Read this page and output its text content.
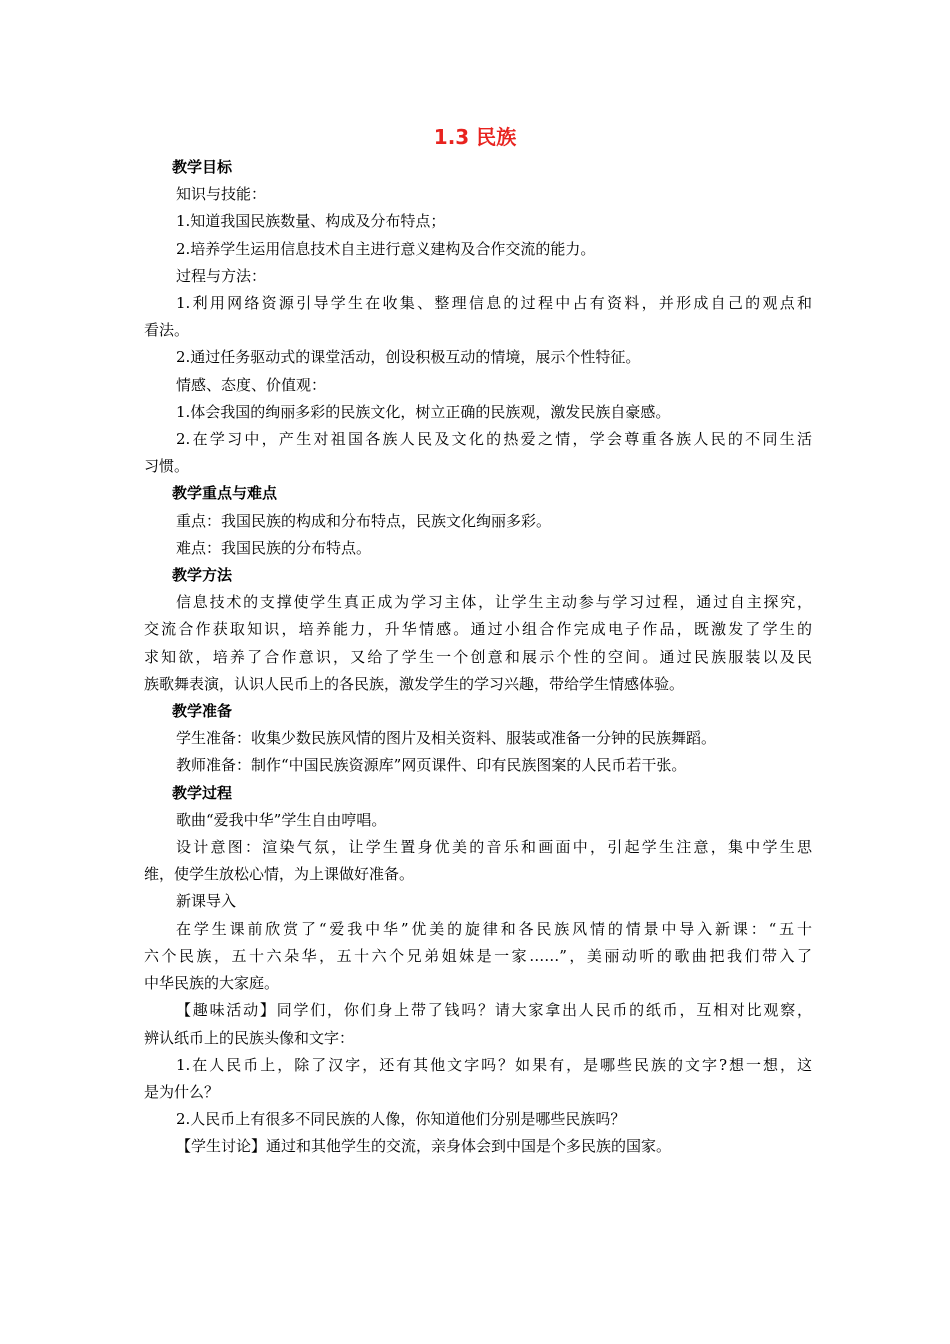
1.3 民族
教学目标
知识与技能：
1.知道我国民族数量、构成及分布特点；
2.培养学生运用信息技术自主进行意义建构及合作交流的能力。
过程与方法：
1.利用网络资源引导学生在收集、整理信息的过程中占有资料，并形成自己的观点和
看法。
2.通过任务驱动式的课堂活动，创设积极互动的情境，展示个性特征。
情感、态度、价值观：
1.体会我国的绚丽多彩的民族文化，树立正确的民族观，激发民族自豪感。
2.在学习中，产生对祖国各族人民及文化的热爱之情，学会尊重各族人民的不同生活
习惯。
教学重点与难点
重点：我国民族的构成和分布特点，民族文化绚丽多彩。
难点：我国民族的分布特点。
教学方法
信息技术的支撑使学生真正成为学习主体，让学生主动参与学习过程，通过自主探究，
交流合作获取知识，培养能力，升华情感。通过小组合作完成电子作品，既激发了学生的
求知欲，培养了合作意识，又给了学生一个创意和展示个性的空间。通过民族服装以及民
族歌舞表演，认识人民币上的各民族，激发学生的学习兴趣，带给学生情感体验。
教学准备
学生准备：收集少数民族风情的图片及相关资料、服装或准备一分钟的民族舞蹈。
教师准备：制作“中国民族资源库”网页课件、印有民族图案的人民币若干张。
教学过程
歌曲“爱我中华”学生自由哼唱。
设计意图：渲染气氛，让学生置身优美的音乐和画面中，引起学生注意，集中学生思
维，使学生放松心情，为上课做好准备。
新课导入
在学生课前欣赏了“爱我中华”优美的旋律和各民族风情的情景中导入新课：“五十
六个民族，五十六朵华，五十六个兄弟姐妹是一家……”，美丽动听的歌曲把我们带入了
中华民族的大家庭。
【趣味活动】同学们，你们身上带了钱吗？请大家拿出人民币的纸币，互相对比观察，
辨认纸币上的民族头像和文字：
1.在人民币上，除了汉字，还有其他文字吗？如果有，是哪些民族的文字?想一想，这
是为什么？
2.人民币上有很多不同民族的人像，你知道他们分别是哪些民族吗？
【学生讨论】通过和其他学生的交流，亲身体会到中国是个多民族的国家。
